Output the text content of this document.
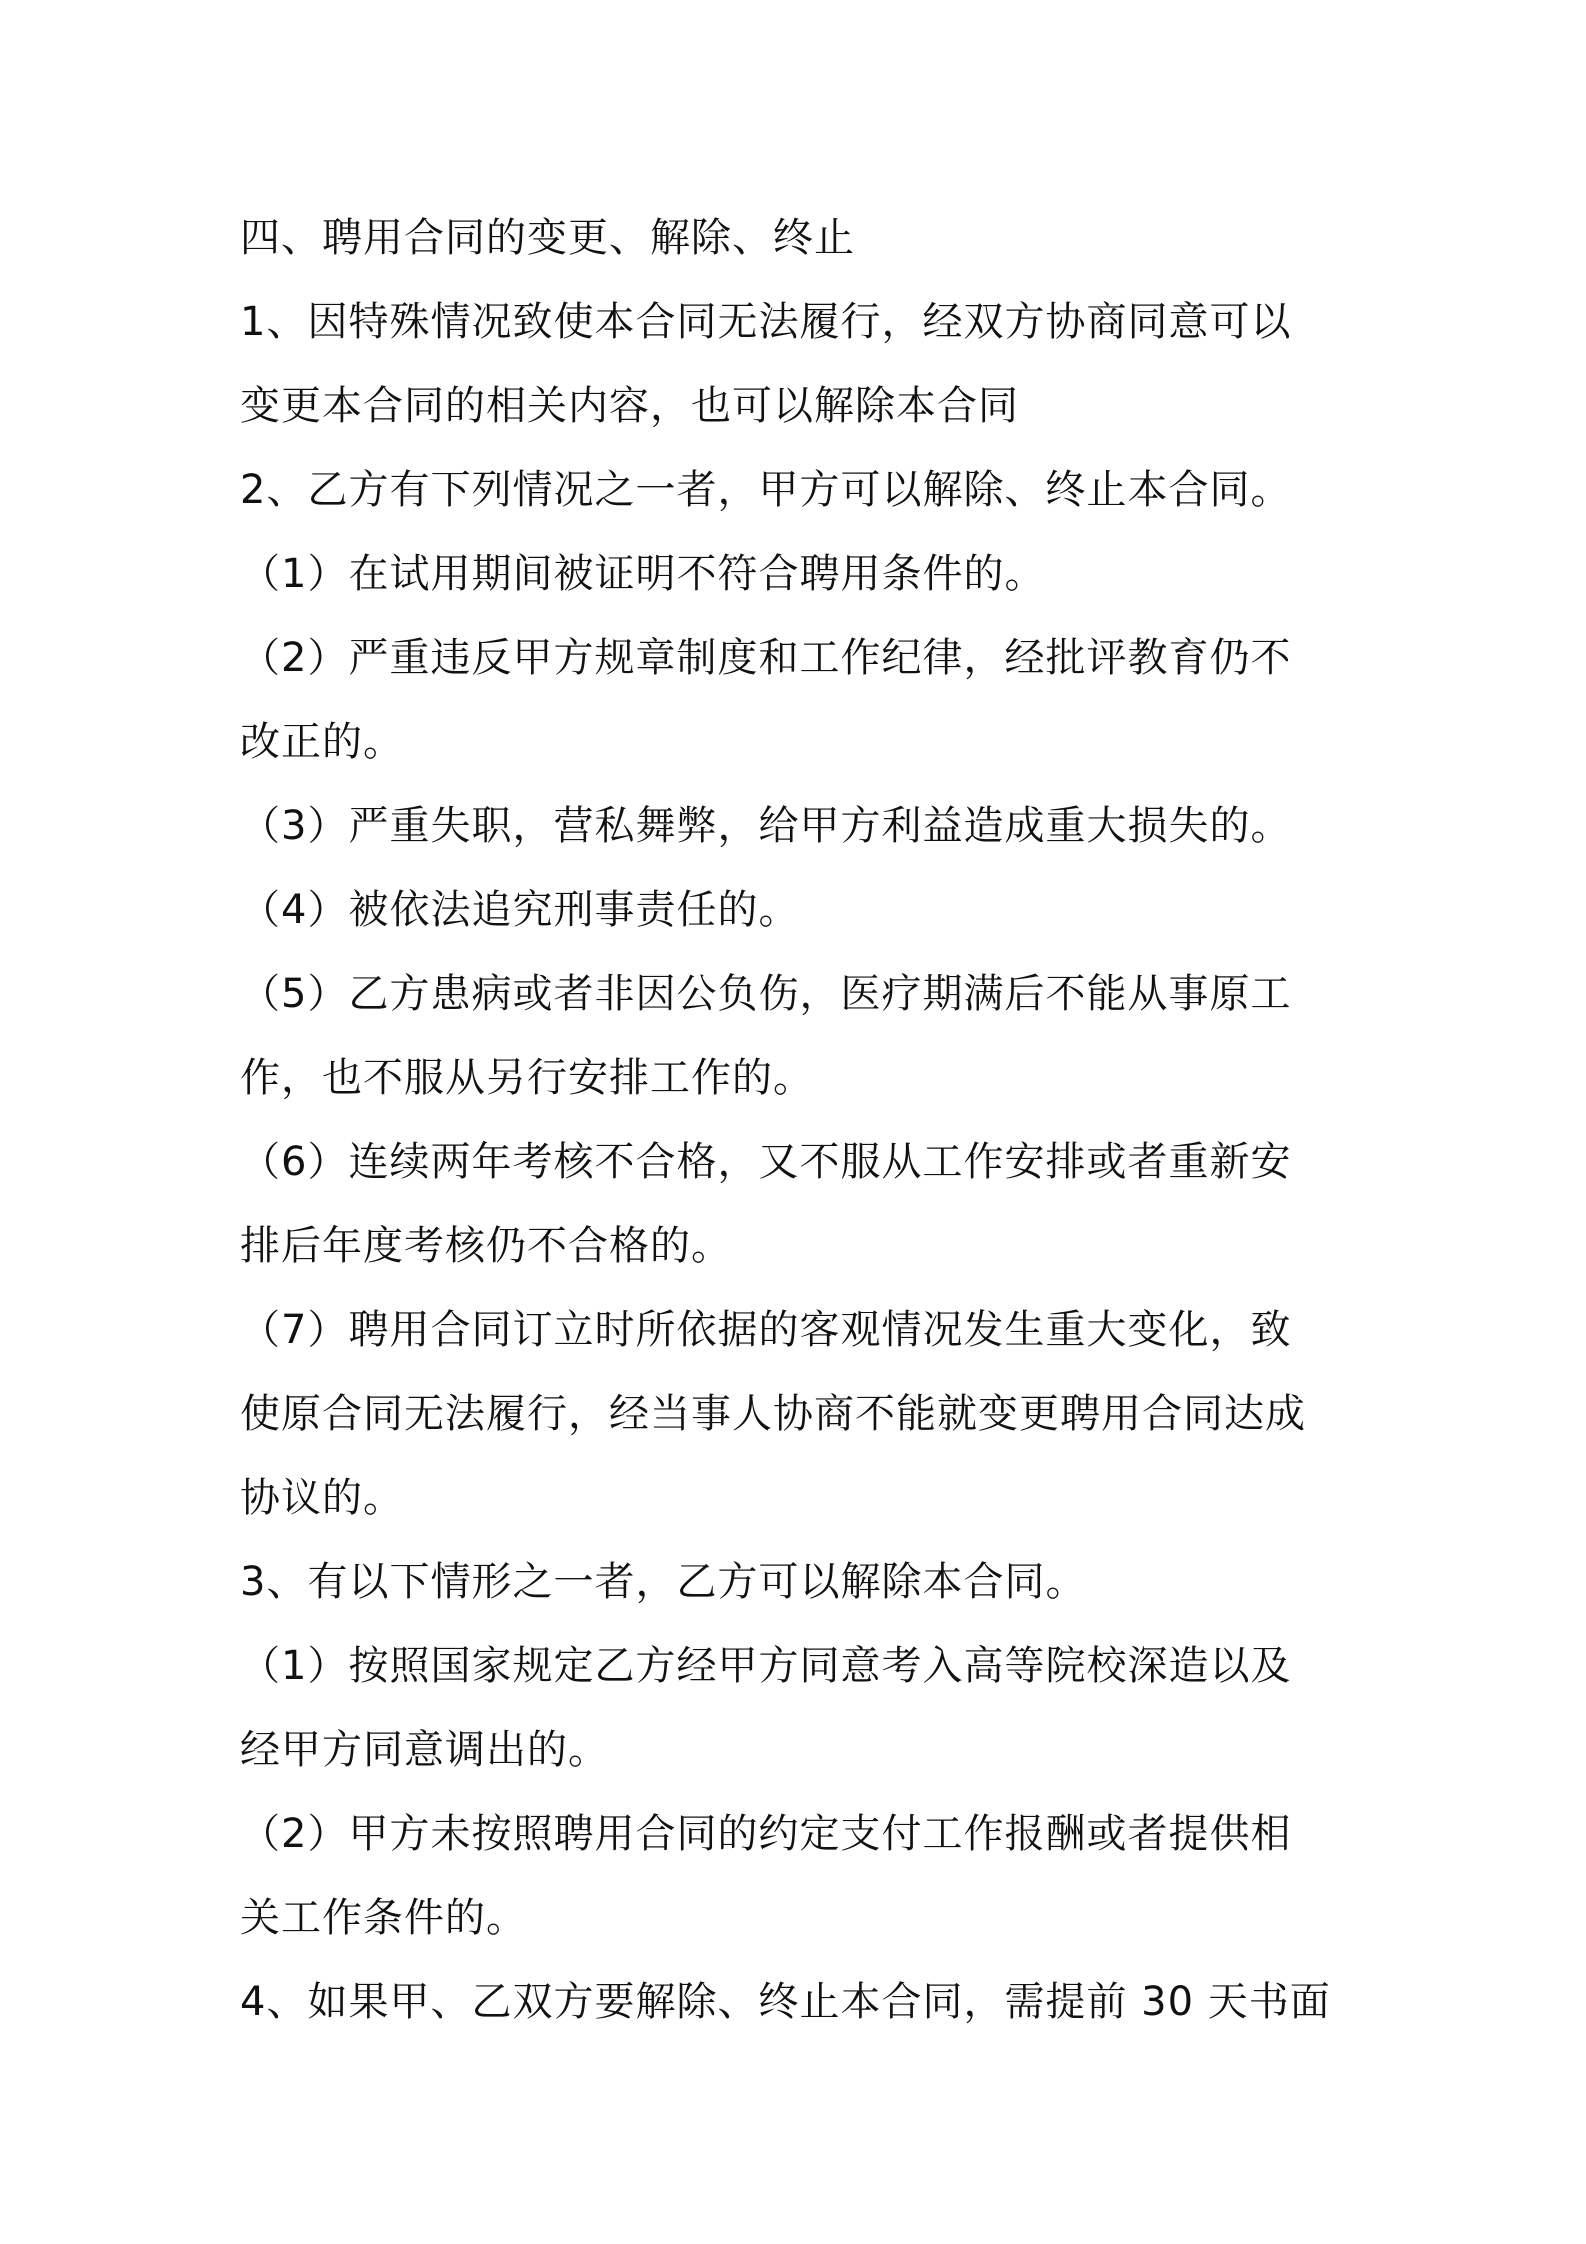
四、聘用合同的变更、解除、终止
1、因特殊情况致使本合同无法履行，经双方协商同意可以
变更本合同的相关内容，也可以解除本合同
2、乙方有下列情况之一者，甲方可以解除、终止本合同。
（1）在试用期间被证明不符合聘用条件的。
（2）严重违反甲方规章制度和工作纪律，经批评教育仍不
改正的。
（3）严重失职，营私舞弊，给甲方利益造成重大损失的。
（4）被依法追究刑事责任的。
（5）乙方患病或者非因公负伤，医疗期满后不能从事原工
作，也不服从另行安排工作的。
（6）连续两年考核不合格，又不服从工作安排或者重新安
排后年度考核仍不合格的。
（7）聘用合同订立时所依据的客观情况发生重大变化，致
使原合同无法履行，经当事人协商不能就变更聘用合同达成
协议的。
3、有以下情形之一者，乙方可以解除本合同。
（1）按照国家规定乙方经甲方同意考入高等院校深造以及
经甲方同意调出的。
（2）甲方未按照聘用合同的约定支付工作报酬或者提供相
关工作条件的。
4、如果甲、乙双方要解除、终止本合同，需提前 30 天书面
